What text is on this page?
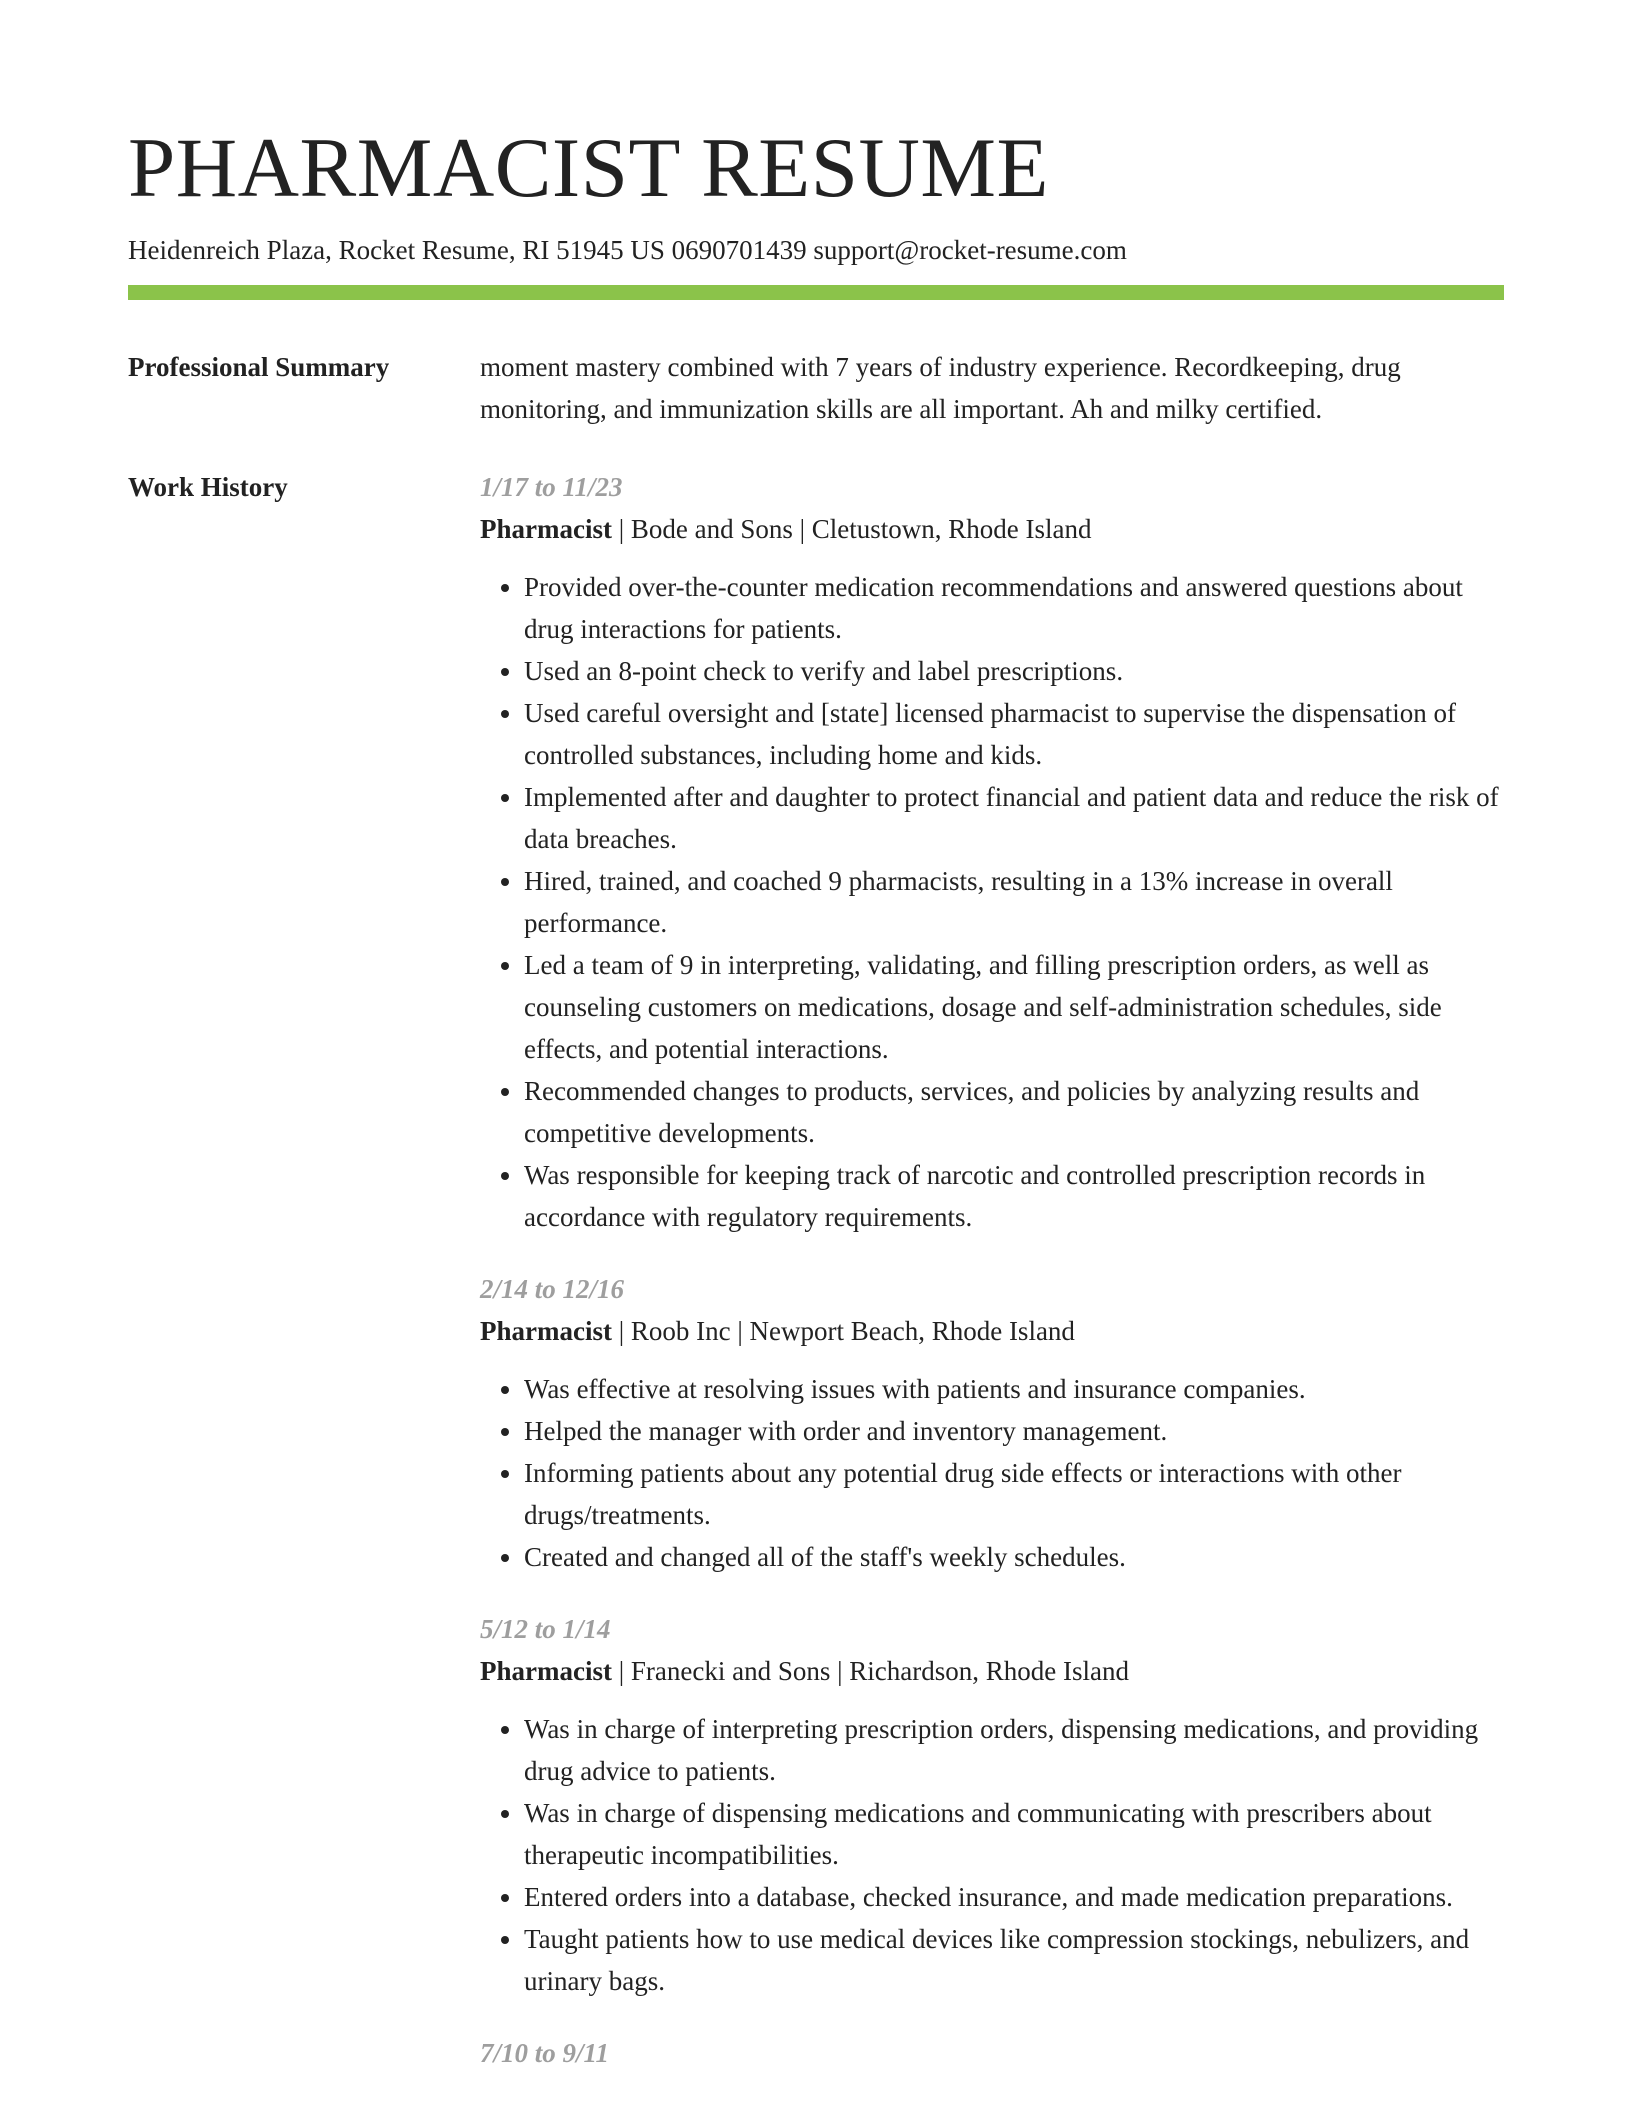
PHARMACIST RESUME
Heidenreich Plaza, Rocket Resume, RI 51945 US 0690701439 support@rocket-resume.com
Professional Summary	moment mastery combined with 7 years of industry experience. Recordkeeping, drug monitoring, and immunization skills are all important. Ah and milky certified.
Work History	1/17 to 11/23
Pharmacist | Bode and Sons | Cletustown, Rhode Island
• Provided over-the-counter medication recommendations and answered questions about drug interactions for patients.
• Used an 8-point check to verify and label prescriptions.
• Used careful oversight and [state] licensed pharmacist to supervise the dispensation of controlled substances, including home and kids.
• Implemented after and daughter to protect financial and patient data and reduce the risk of data breaches.
• Hired, trained, and coached 9 pharmacists, resulting in a 13% increase in overall performance.
• Led a team of 9 in interpreting, validating, and filling prescription orders, as well as counseling customers on medications, dosage and self-administration schedules, side effects, and potential interactions.
• Recommended changes to products, services, and policies by analyzing results and competitive developments.
• Was responsible for keeping track of narcotic and controlled prescription records in accordance with regulatory requirements.
2/14 to 12/16
Pharmacist | Roob Inc | Newport Beach, Rhode Island
• Was effective at resolving issues with patients and insurance companies.
• Helped the manager with order and inventory management.
• Informing patients about any potential drug side effects or interactions with other drugs/treatments.
• Created and changed all of the staff's weekly schedules.
5/12 to 1/14
Pharmacist | Franecki and Sons | Richardson, Rhode Island
• Was in charge of interpreting prescription orders, dispensing medications, and providing drug advice to patients.
• Was in charge of dispensing medications and communicating with prescribers about therapeutic incompatibilities.
• Entered orders into a database, checked insurance, and made medication preparations.
• Taught patients how to use medical devices like compression stockings, nebulizers, and urinary bags.
7/10 to 9/11
